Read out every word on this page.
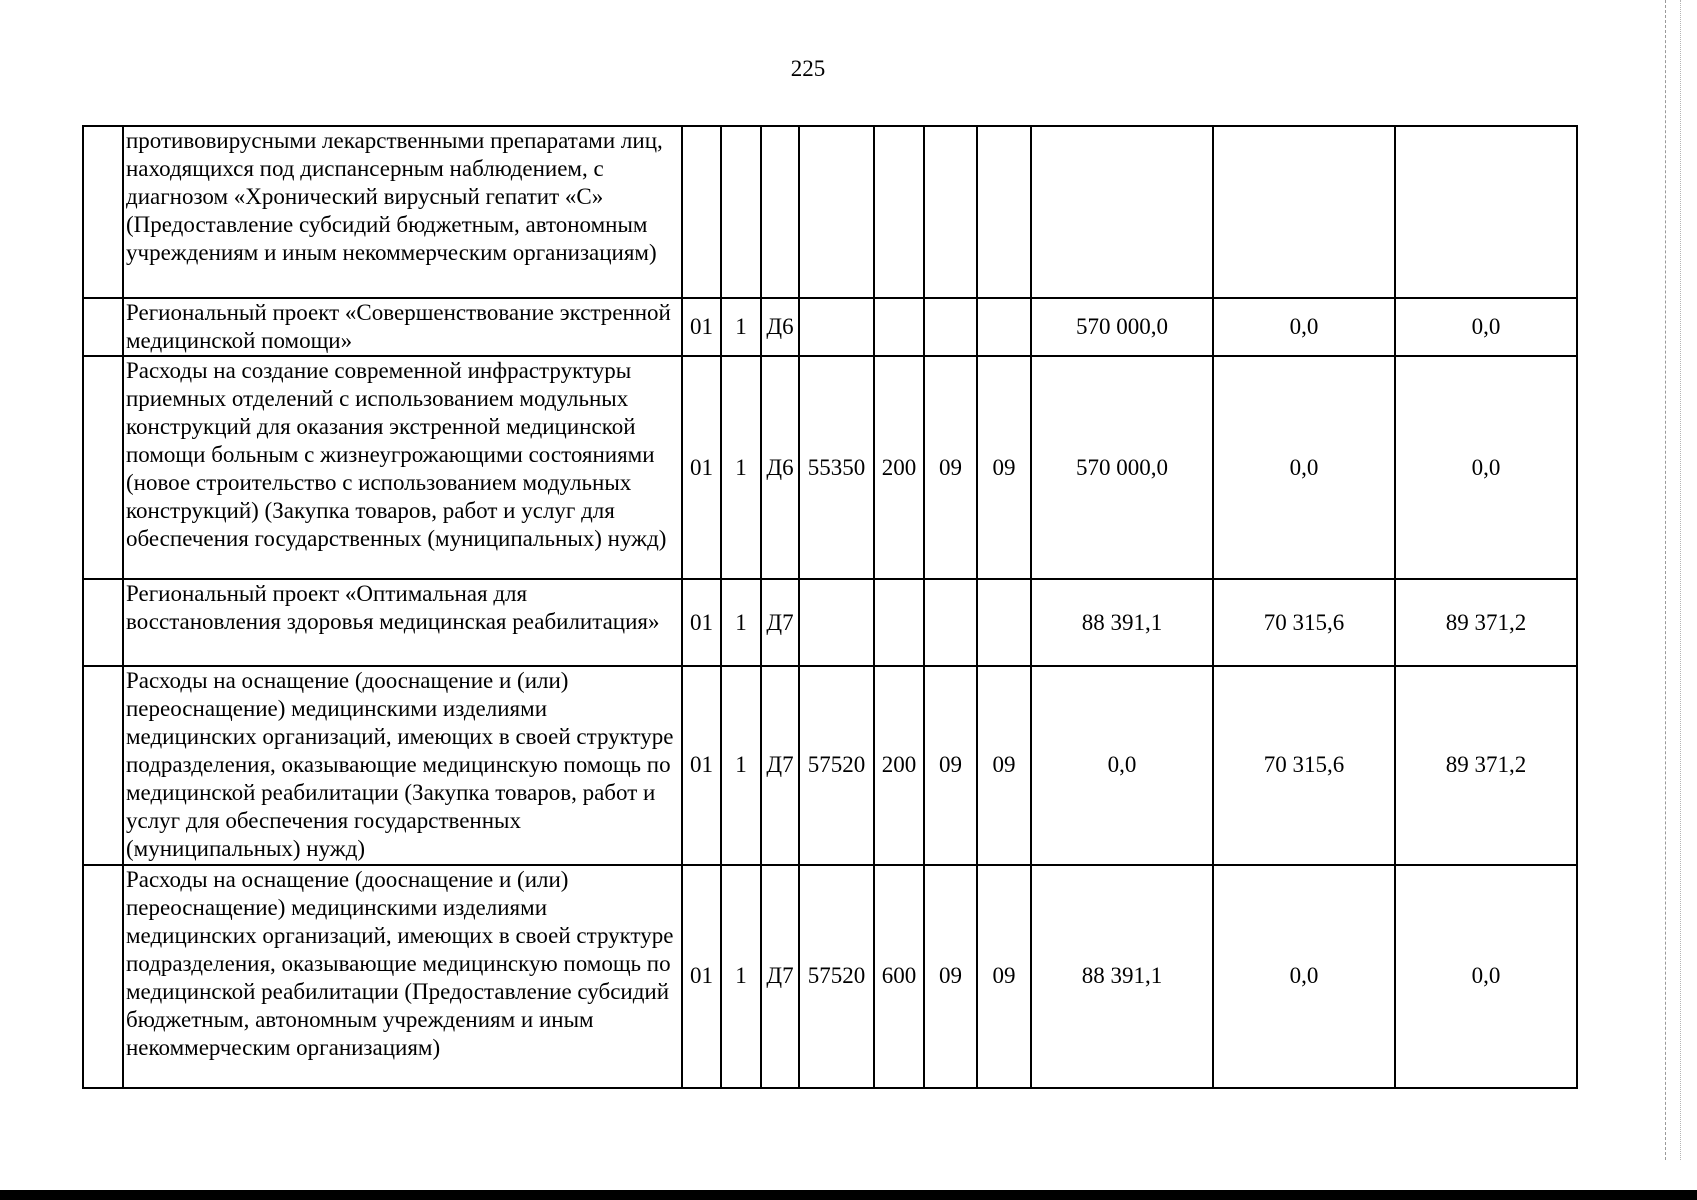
225
	противовирусными лекарственными препаратами лиц, находящихся под диспансерным наблюдением, с диагнозом «Хронический вирусный гепатит «С» (Предоставление субсидий бюджетным, автономным учреждениям и иным некоммерческим организациям)										
	Региональный проект «Совершенствование экстренной медицинской помощи»	01	1	Д6					570 000,0	0,0	0,0
	Расходы на создание современной инфраструктуры приемных отделений с использованием модульных конструкций для оказания экстренной медицинской помощи больным с жизнеугрожающими состояниями (новое строительство с использованием модульных конструкций) (Закупка товаров, работ и услуг для обеспечения государственных (муниципальных) нужд)	01	1	Д6	55350	200	09	09	570 000,0	0,0	0,0
	Региональный проект «Оптимальная для восстановления здоровья медицинская реабилитация»	01	1	Д7					88 391,1	70 315,6	89 371,2
	Расходы на оснащение (дооснащение и (или) переоснащение) медицинскими изделиями медицинских организаций, имеющих в своей структуре подразделения, оказывающие медицинскую помощь по медицинской реабилитации (Закупка товаров, работ и услуг для обеспечения государственных (муниципальных) нужд)	01	1	Д7	57520	200	09	09	0,0	70 315,6	89 371,2
	Расходы на оснащение (дооснащение и (или) переоснащение) медицинскими изделиями медицинских организаций, имеющих в своей структуре подразделения, оказывающие медицинскую помощь по медицинской реабилитации (Предоставление субсидий бюджетным, автономным учреждениям и иным некоммерческим организациям)	01	1	Д7	57520	600	09	09	88 391,1	0,0	0,0
